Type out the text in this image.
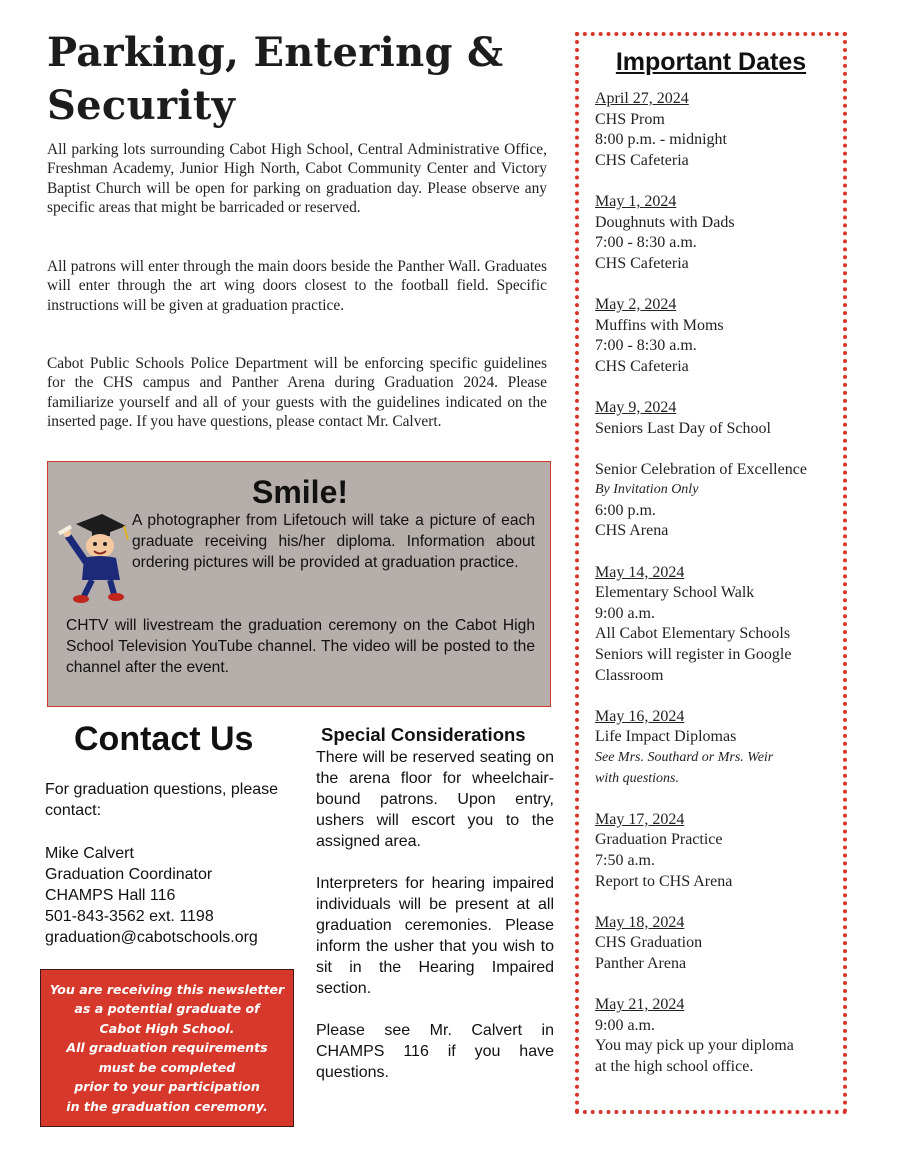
Parking, Entering &
Security

All parking lots surrounding Cabot High School, Central Administrative Office, Freshman Academy, Junior High North, Cabot Community Center and Victory Baptist Church will be open for parking on graduation day. Please observe any specific areas that might be barricaded or reserved.

All patrons will enter through the main doors beside the Panther Wall. Graduates will enter through the art wing doors closest to the football field. Specific instructions will be given at graduation practice.

Cabot Public Schools Police Department will be enforcing specific guidelines for the CHS campus and Panther Arena during Graduation 2024. Please familiarize yourself and all of your guests with the guidelines indicated on the inserted page. If you have questions, please contact Mr. Calvert.

Smile!

A photographer from Lifetouch will take a picture of each graduate receiving his/her diploma. Information about ordering pictures will be provided at graduation practice.

CHTV will livestream the graduation ceremony on the Cabot High School Television YouTube channel. The video will be posted to the channel after the event.

Contact Us
For graduation questions, please contact:
Mike Calvert
Graduation Coordinator
CHAMPS Hall 116
501-843-3562 ext. 1198
graduation@cabotschools.org
You are receiving this newsletter
as a potential graduate of
Cabot High School.
All graduation requirements
must be completed
prior to your participation
in the graduation ceremony.
Special Considerations

There will be reserved seating on the arena floor for wheelchair-bound patrons. Upon entry, ushers will escort you to the assigned area.

Interpreters for hearing impaired individuals will be present at all graduation ceremonies. Please inform the usher that you wish to sit in the Hearing Impaired section.

Please see Mr. Calvert in CHAMPS 116 if you have questions.

Important Dates
April 27, 2024
CHS Prom
8:00 p.m. - midnight
CHS Cafeteria
May 1, 2024
Doughnuts with Dads
7:00 - 8:30 a.m.
CHS Cafeteria
May 2, 2024
Muffins with Moms
7:00 - 8:30 a.m.
CHS Cafeteria
May 9, 2024
Seniors Last Day of School
Senior Celebration of Excellence
By Invitation Only
6:00 p.m.
CHS Arena
May 14, 2024
Elementary School Walk
9:00 a.m.
All Cabot Elementary Schools
Seniors will register in Google
Classroom
May 16, 2024
Life Impact Diplomas
See Mrs. Southard or Mrs. Weir
with questions.
May 17, 2024
Graduation Practice
7:50 a.m.
Report to CHS Arena
May 18, 2024
CHS Graduation
Panther Arena
May 21, 2024
9:00 a.m.
You may pick up your diploma
at the high school office.
